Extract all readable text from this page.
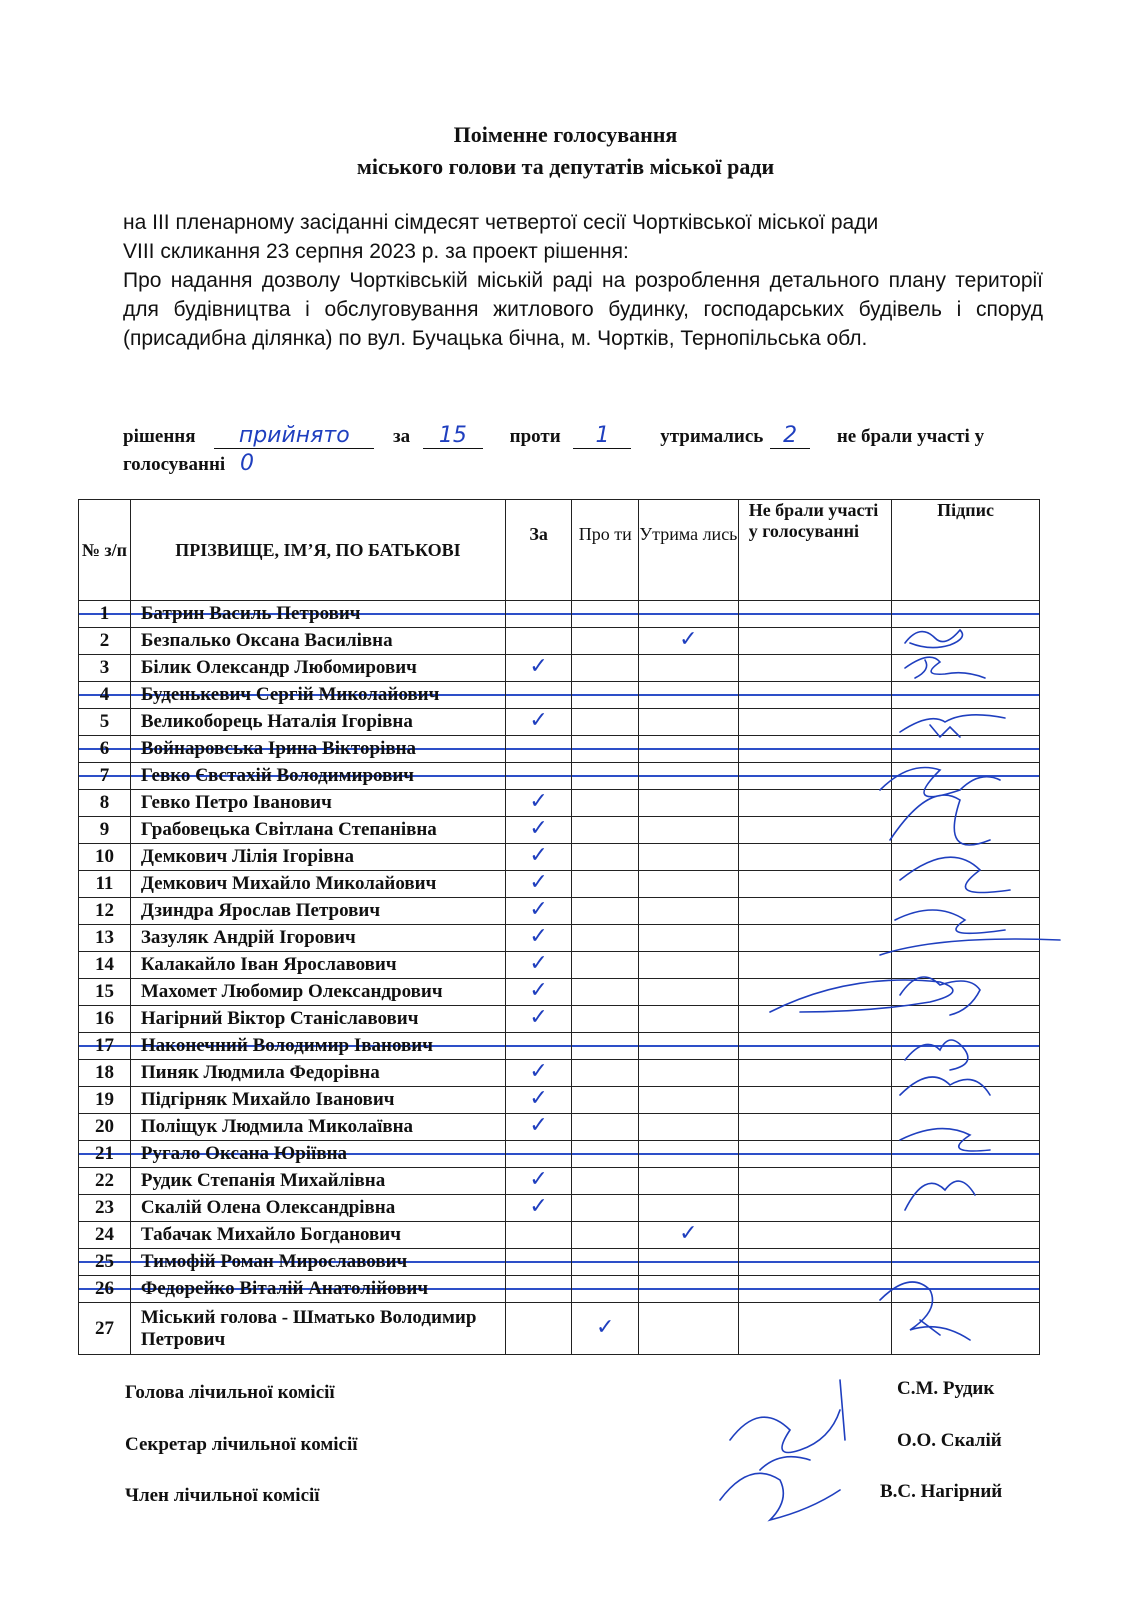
Поіменне голосування
міського голови та депутатів міської ради

на ІІІ пленарному засіданні сімдесят четвертої сесії Чортківської міської ради

VIII скликання 23 серпня 2023 р. за проект рішення:

Про надання дозволу Чортківській міській раді на розроблення детального плану території для будівництва і обслуговування житлового будинку, господарських будівель і споруд (присадибна ділянка) по вул. Бучацька бічна, м. Чортків, Тернопільська обл.

рішення прийнято за 15 проти 1	утримались 2 не брали участі у голосуванні 0
№ з/п	ПРІЗВИЩЕ, ІМ’Я, ПО БАТЬКОВІ	За	Про ти	Утрима лись	Не брали участі у голосуванні	Підпис
1	Батрин Василь Петрович					
2	Безпалько Оксана Василівна			✓		
3	Білик Олександр Любомирович	✓				
4	Буденькевич Сергій Миколайович					
5	Великоборець Наталія Ігорівна	✓				
6	Войнаровська Ірина Вікторівна					
7	Гевко Євстахій Володимирович					
8	Гевко Петро Іванович	✓				
9	Грабовецька Світлана Степанівна	✓				
10	Демкович Лілія Ігорівна	✓				
11	Демкович Михайло Миколайович	✓				
12	Дзиндра Ярослав Петрович	✓				
13	Зазуляк Андрій Ігорович	✓				
14	Калакайло Іван Ярославович	✓				
15	Махомет Любомир Олександрович	✓				
16	Нагірний Віктор Станіславович	✓				
17	Наконечний Володимир Іванович					
18	Пиняк Людмила Федорівна	✓				
19	Підгірняк Михайло Іванович	✓				
20	Поліщук Людмила Миколаївна	✓				
21	Ругало Оксана Юріївна					
22	Рудик Степанія Михайлівна	✓				
23	Скалій Олена Олександрівна	✓				
24	Табачак Михайло Богданович			✓		
25	Тимофій Роман Мирославович					
26	Федорейко Віталій Анатолійович					
27	Міський голова - Шматько Володимир Петрович		✓			
Голова лічильної комісії	С.М. Рудик
Секретар лічильної комісії	О.О. Скалій
Член лічильної комісії	В.С. Нагірний
